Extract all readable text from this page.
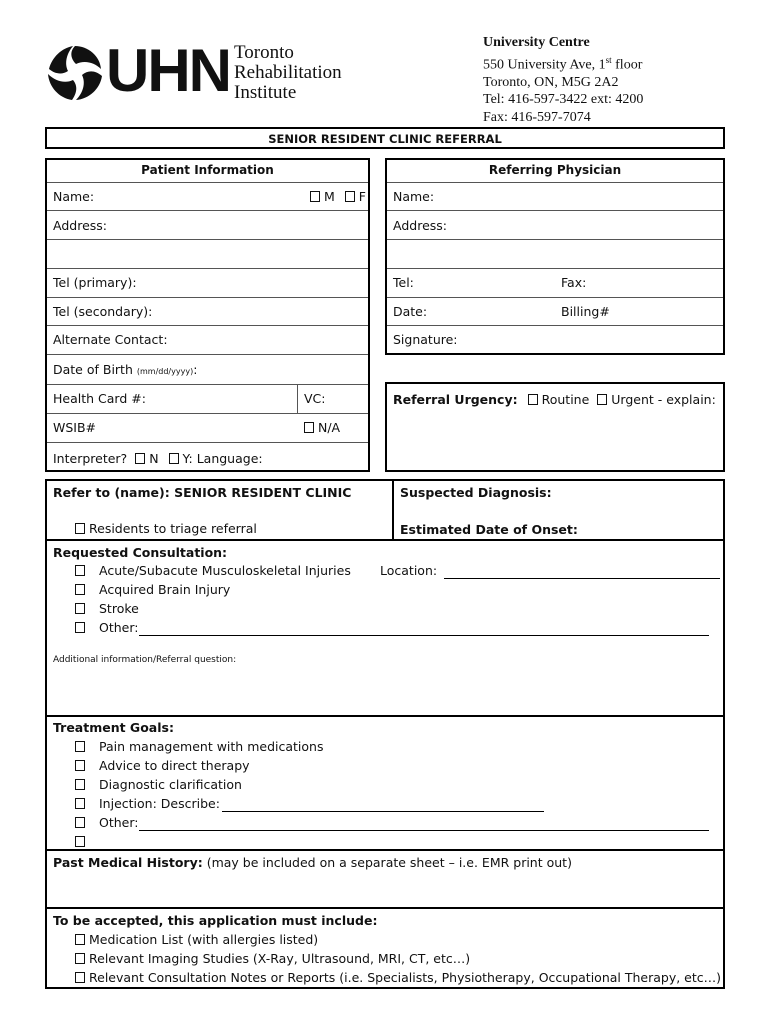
UHN Toronto
Rehabilitation
Institute
University Centre
550 University Ave, 1st floor
Toronto, ON, M5G 2A2
Tel: 416-597-3422 ext: 4200
Fax: 416-597-7074
SENIOR RESIDENT CLINIC REFERRAL
Patient Information
Name:	M F
Address:
Tel (primary):
Tel (secondary):
Alternate Contact:
Date of Birth (mm/dd/yyyy):
Health Card #:	VC:
WSIB#	N/A
Interpreter? N Y: Language:
Referring Physician
Name:
Address:
Tel:	Fax:
Date:	Billing#
Signature:
Referral Urgency: Routine Urgent - explain:
Refer to (name): SENIOR RESIDENT CLINIC
Residents to triage referral
Suspected Diagnosis:
Estimated Date of Onset:
Requested Consultation:
Acute/Subacute Musculoskeletal Injuries Location:
Acquired Brain Injury
Stroke
Other:
Additional information/Referral question:
Treatment Goals:
Pain management with medications
Advice to direct therapy
Diagnostic clarification
Injection: Describe:
Other:
Past Medical History: (may be included on a separate sheet – i.e. EMR print out)
To be accepted, this application must include:
Medication List (with allergies listed)
Relevant Imaging Studies (X-Ray, Ultrasound, MRI, CT, etc…)
Relevant Consultation Notes or Reports (i.e. Specialists, Physiotherapy, Occupational Therapy, etc…)
